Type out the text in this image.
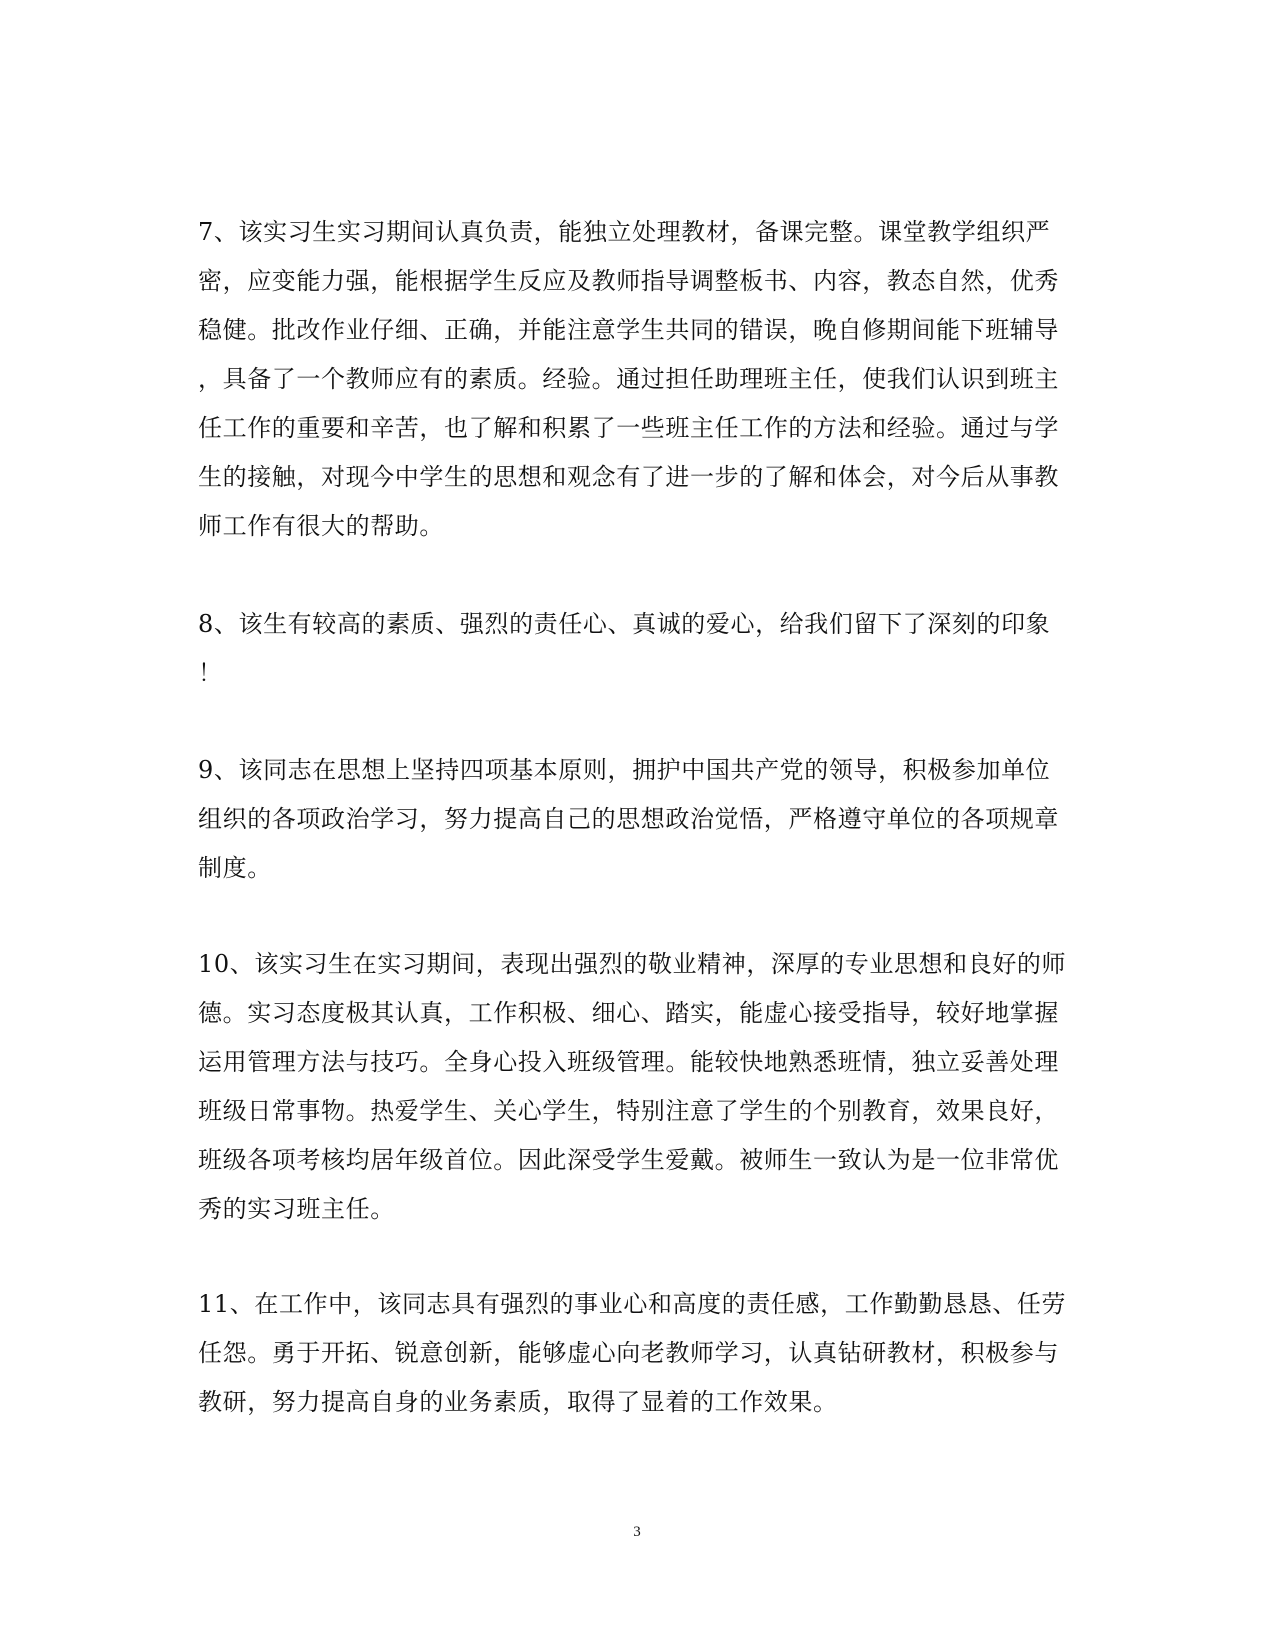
7、该实习生实习期间认真负责，能独立处理教材，备课完整。课堂教学组织严
密，应变能力强，能根据学生反应及教师指导调整板书、内容，教态自然，优秀
稳健。批改作业仔细、正确，并能注意学生共同的错误，晚自修期间能下班辅导
，具备了一个教师应有的素质。经验。通过担任助理班主任，使我们认识到班主
任工作的重要和辛苦，也了解和积累了一些班主任工作的方法和经验。通过与学
生的接触，对现今中学生的思想和观念有了进一步的了解和体会，对今后从事教
师工作有很大的帮助。

8、该生有较高的素质、强烈的责任心、真诚的爱心，给我们留下了深刻的印象
！

9、该同志在思想上坚持四项基本原则，拥护中国共产党的领导，积极参加单位
组织的各项政治学习，努力提高自己的思想政治觉悟，严格遵守单位的各项规章
制度。

10、该实习生在实习期间，表现出强烈的敬业精神，深厚的专业思想和良好的师
德。实习态度极其认真，工作积极、细心、踏实，能虚心接受指导，较好地掌握
运用管理方法与技巧。全身心投入班级管理。能较快地熟悉班情，独立妥善处理
班级日常事物。热爱学生、关心学生，特别注意了学生的个别教育，效果良好，
班级各项考核均居年级首位。因此深受学生爱戴。被师生一致认为是一位非常优
秀的实习班主任。

11、在工作中，该同志具有强烈的事业心和高度的责任感，工作勤勤恳恳、任劳
任怨。勇于开拓、锐意创新，能够虚心向老教师学习，认真钻研教材，积极参与
教研，努力提高自身的业务素质，取得了显着的工作效果。

3
